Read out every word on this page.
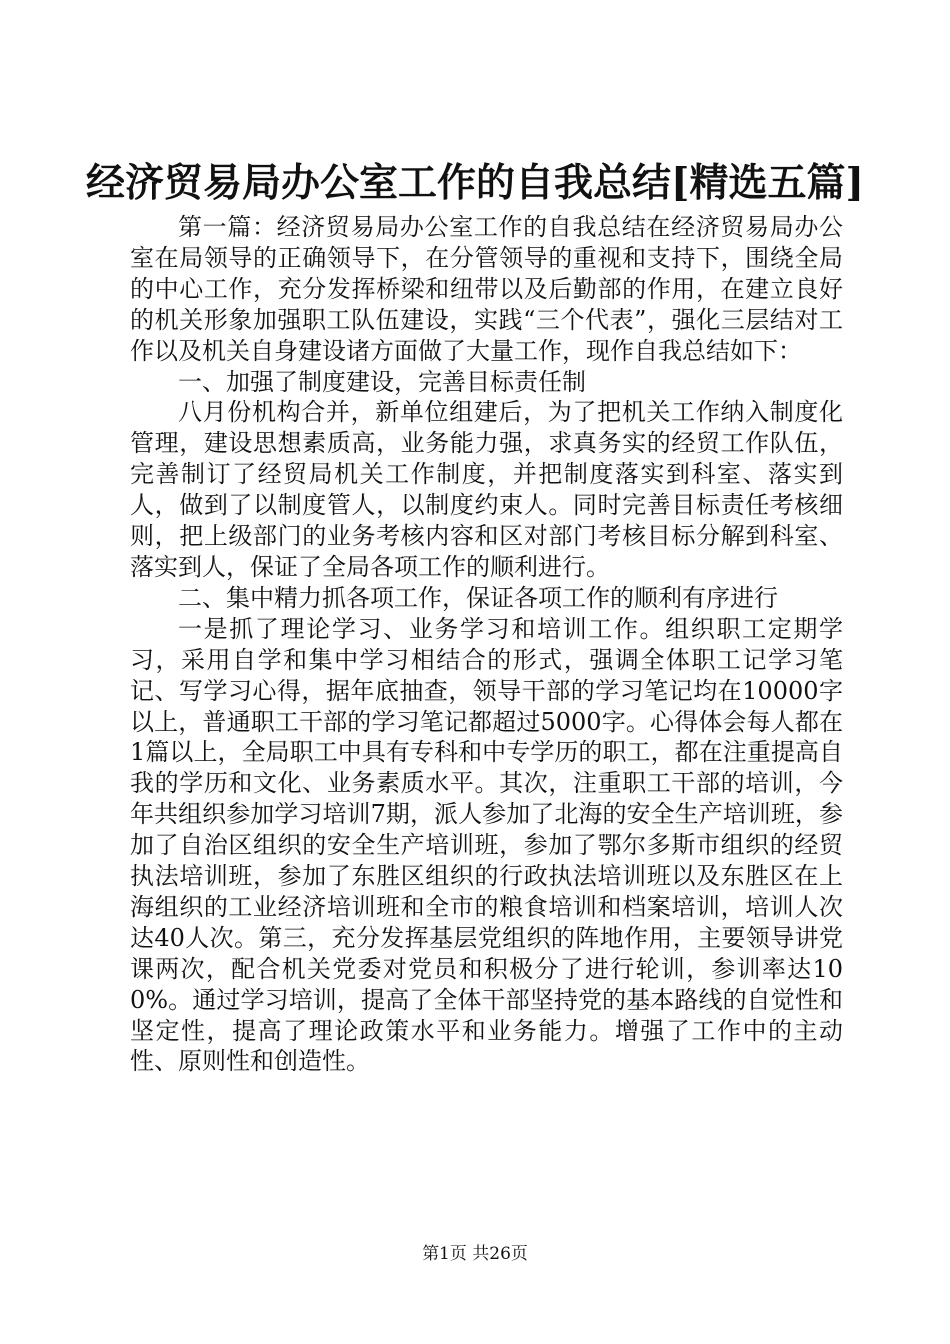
经济贸易局办公室工作的自我总结[精选五篇]

第一篇：经济贸易局办公室工作的自我总结在经济贸易局办公室在局领导的正确领导下，在分管领导的重视和支持下，围绕全局的中心工作，充分发挥桥梁和纽带以及后勤部的作用，在建立良好的机关形象加强职工队伍建设，实践“三个代表”，强化三层结对工作以及机关自身建设诸方面做了大量工作，现作自我总结如下：

一、加强了制度建设，完善目标责任制

八月份机构合并，新单位组建后，为了把机关工作纳入制度化管理，建设思想素质高，业务能力强，求真务实的经贸工作队伍，完善制订了经贸局机关工作制度，并把制度落实到科室、落实到人，做到了以制度管人，以制度约束人。同时完善目标责任考核细则，把上级部门的业务考核内容和区对部门考核目标分解到科室、落实到人，保证了全局各项工作的顺利进行。

二、集中精力抓各项工作，保证各项工作的顺利有序进行

一是抓了理论学习、业务学习和培训工作。组织职工定期学习，采用自学和集中学习相结合的形式，强调全体职工记学习笔记、写学习心得，据年底抽查，领导干部的学习笔记均在10000字以上，普通职工干部的学习笔记都超过5000字。心得体会每人都在1篇以上，全局职工中具有专科和中专学历的职工，都在注重提高自我的学历和文化、业务素质水平。其次，注重职工干部的培训，今年共组织参加学习培训7期，派人参加了北海的安全生产培训班，参加了自治区组织的安全生产培训班，参加了鄂尔多斯市组织的经贸执法培训班，参加了东胜区组织的行政执法培训班以及东胜区在上海组织的工业经济培训班和全市的粮食培训和档案培训，培训人次达40人次。第三，充分发挥基层党组织的阵地作用，主要领导讲党课两次，配合机关党委对党员和积极分了进行轮训，参训率达100%。通过学习培训，提高了全体干部坚持党的基本路线的自觉性和坚定性，提高了理论政策水平和业务能力。增强了工作中的主动性、原则性和创造性。

第1页 共26页
